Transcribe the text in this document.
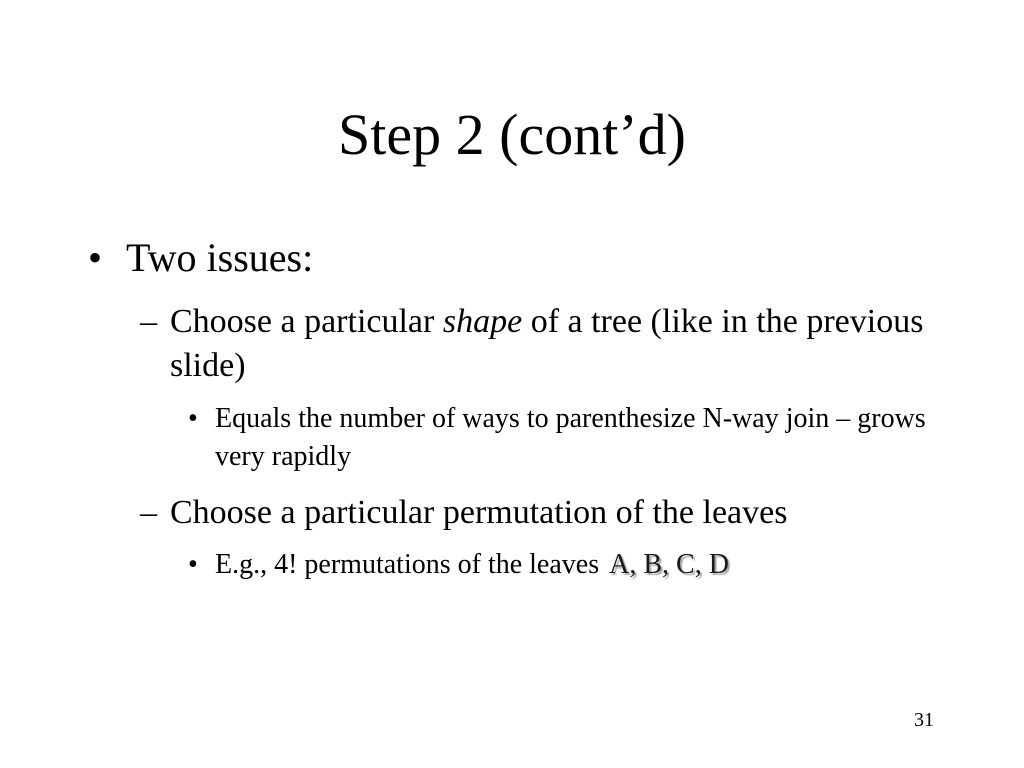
Step 2 (cont’d)
• Two issues:
– Choose a particular shape of a tree (like in the previous slide)
• Equals the number of ways to parenthesize N-way join – grows very rapidly
– Choose a particular permutation of the leaves
• E.g., 4! permutations of the leaves A, B, C, D
31
